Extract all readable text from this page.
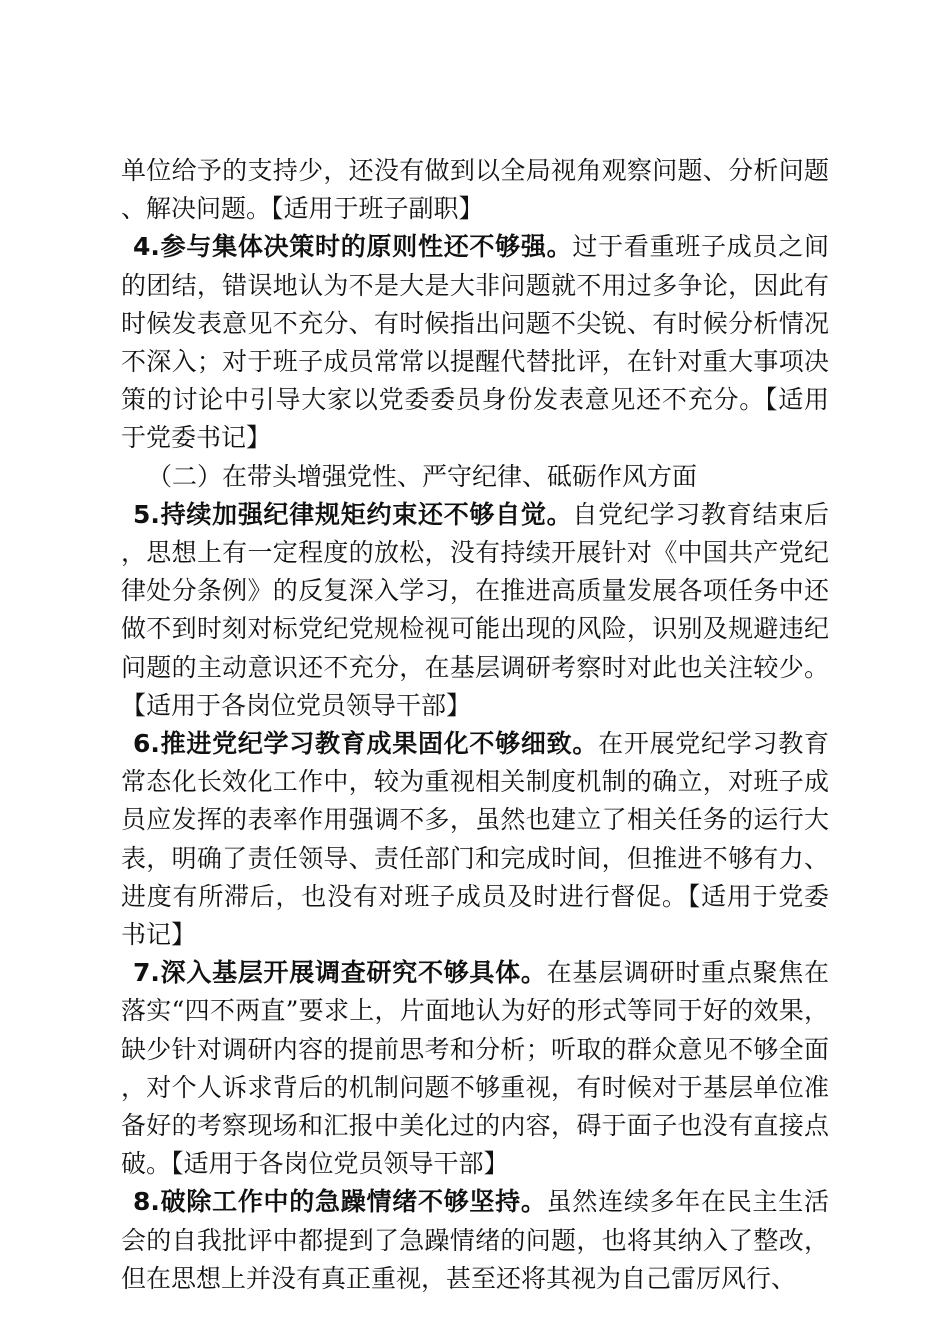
单位给予的支持少，还没有做到以全局视角观察问题、分析问题、解决问题。【适用于班子副职】

4.参与集体决策时的原则性还不够强。过于看重班子成员之间的团结，错误地认为不是大是大非问题就不用过多争论，因此有时候发表意见不充分、有时候指出问题不尖锐、有时候分析情况不深入；对于班子成员常常以提醒代替批评，在针对重大事项决策的讨论中引导大家以党委委员身份发表意见还不充分。【适用于党委书记】

（二）在带头增强党性、严守纪律、砥砺作风方面

5.持续加强纪律规矩约束还不够自觉。自党纪学习教育结束后，思想上有一定程度的放松，没有持续开展针对《中国共产党纪律处分条例》的反复深入学习，在推进高质量发展各项任务中还做不到时刻对标党纪党规检视可能出现的风险，识别及规避违纪问题的主动意识还不充分，在基层调研考察时对此也关注较少。【适用于各岗位党员领导干部】

6.推进党纪学习教育成果固化不够细致。在开展党纪学习教育常态化长效化工作中，较为重视相关制度机制的确立，对班子成员应发挥的表率作用强调不多，虽然也建立了相关任务的运行大表，明确了责任领导、责任部门和完成时间，但推进不够有力、进度有所滞后，也没有对班子成员及时进行督促。【适用于党委书记】

7.深入基层开展调查研究不够具体。在基层调研时重点聚焦在落实“四不两直”要求上，片面地认为好的形式等同于好的效果，缺少针对调研内容的提前思考和分析；听取的群众意见不够全面，对个人诉求背后的机制问题不够重视，有时候对于基层单位准备好的考察现场和汇报中美化过的内容，碍于面子也没有直接点破。【适用于各岗位党员领导干部】

8.破除工作中的急躁情绪不够坚持。虽然连续多年在民主生活会的自我批评中都提到了急躁情绪的问题，也将其纳入了整改，但在思想上并没有真正重视，甚至还将其视为自己雷厉风行、
